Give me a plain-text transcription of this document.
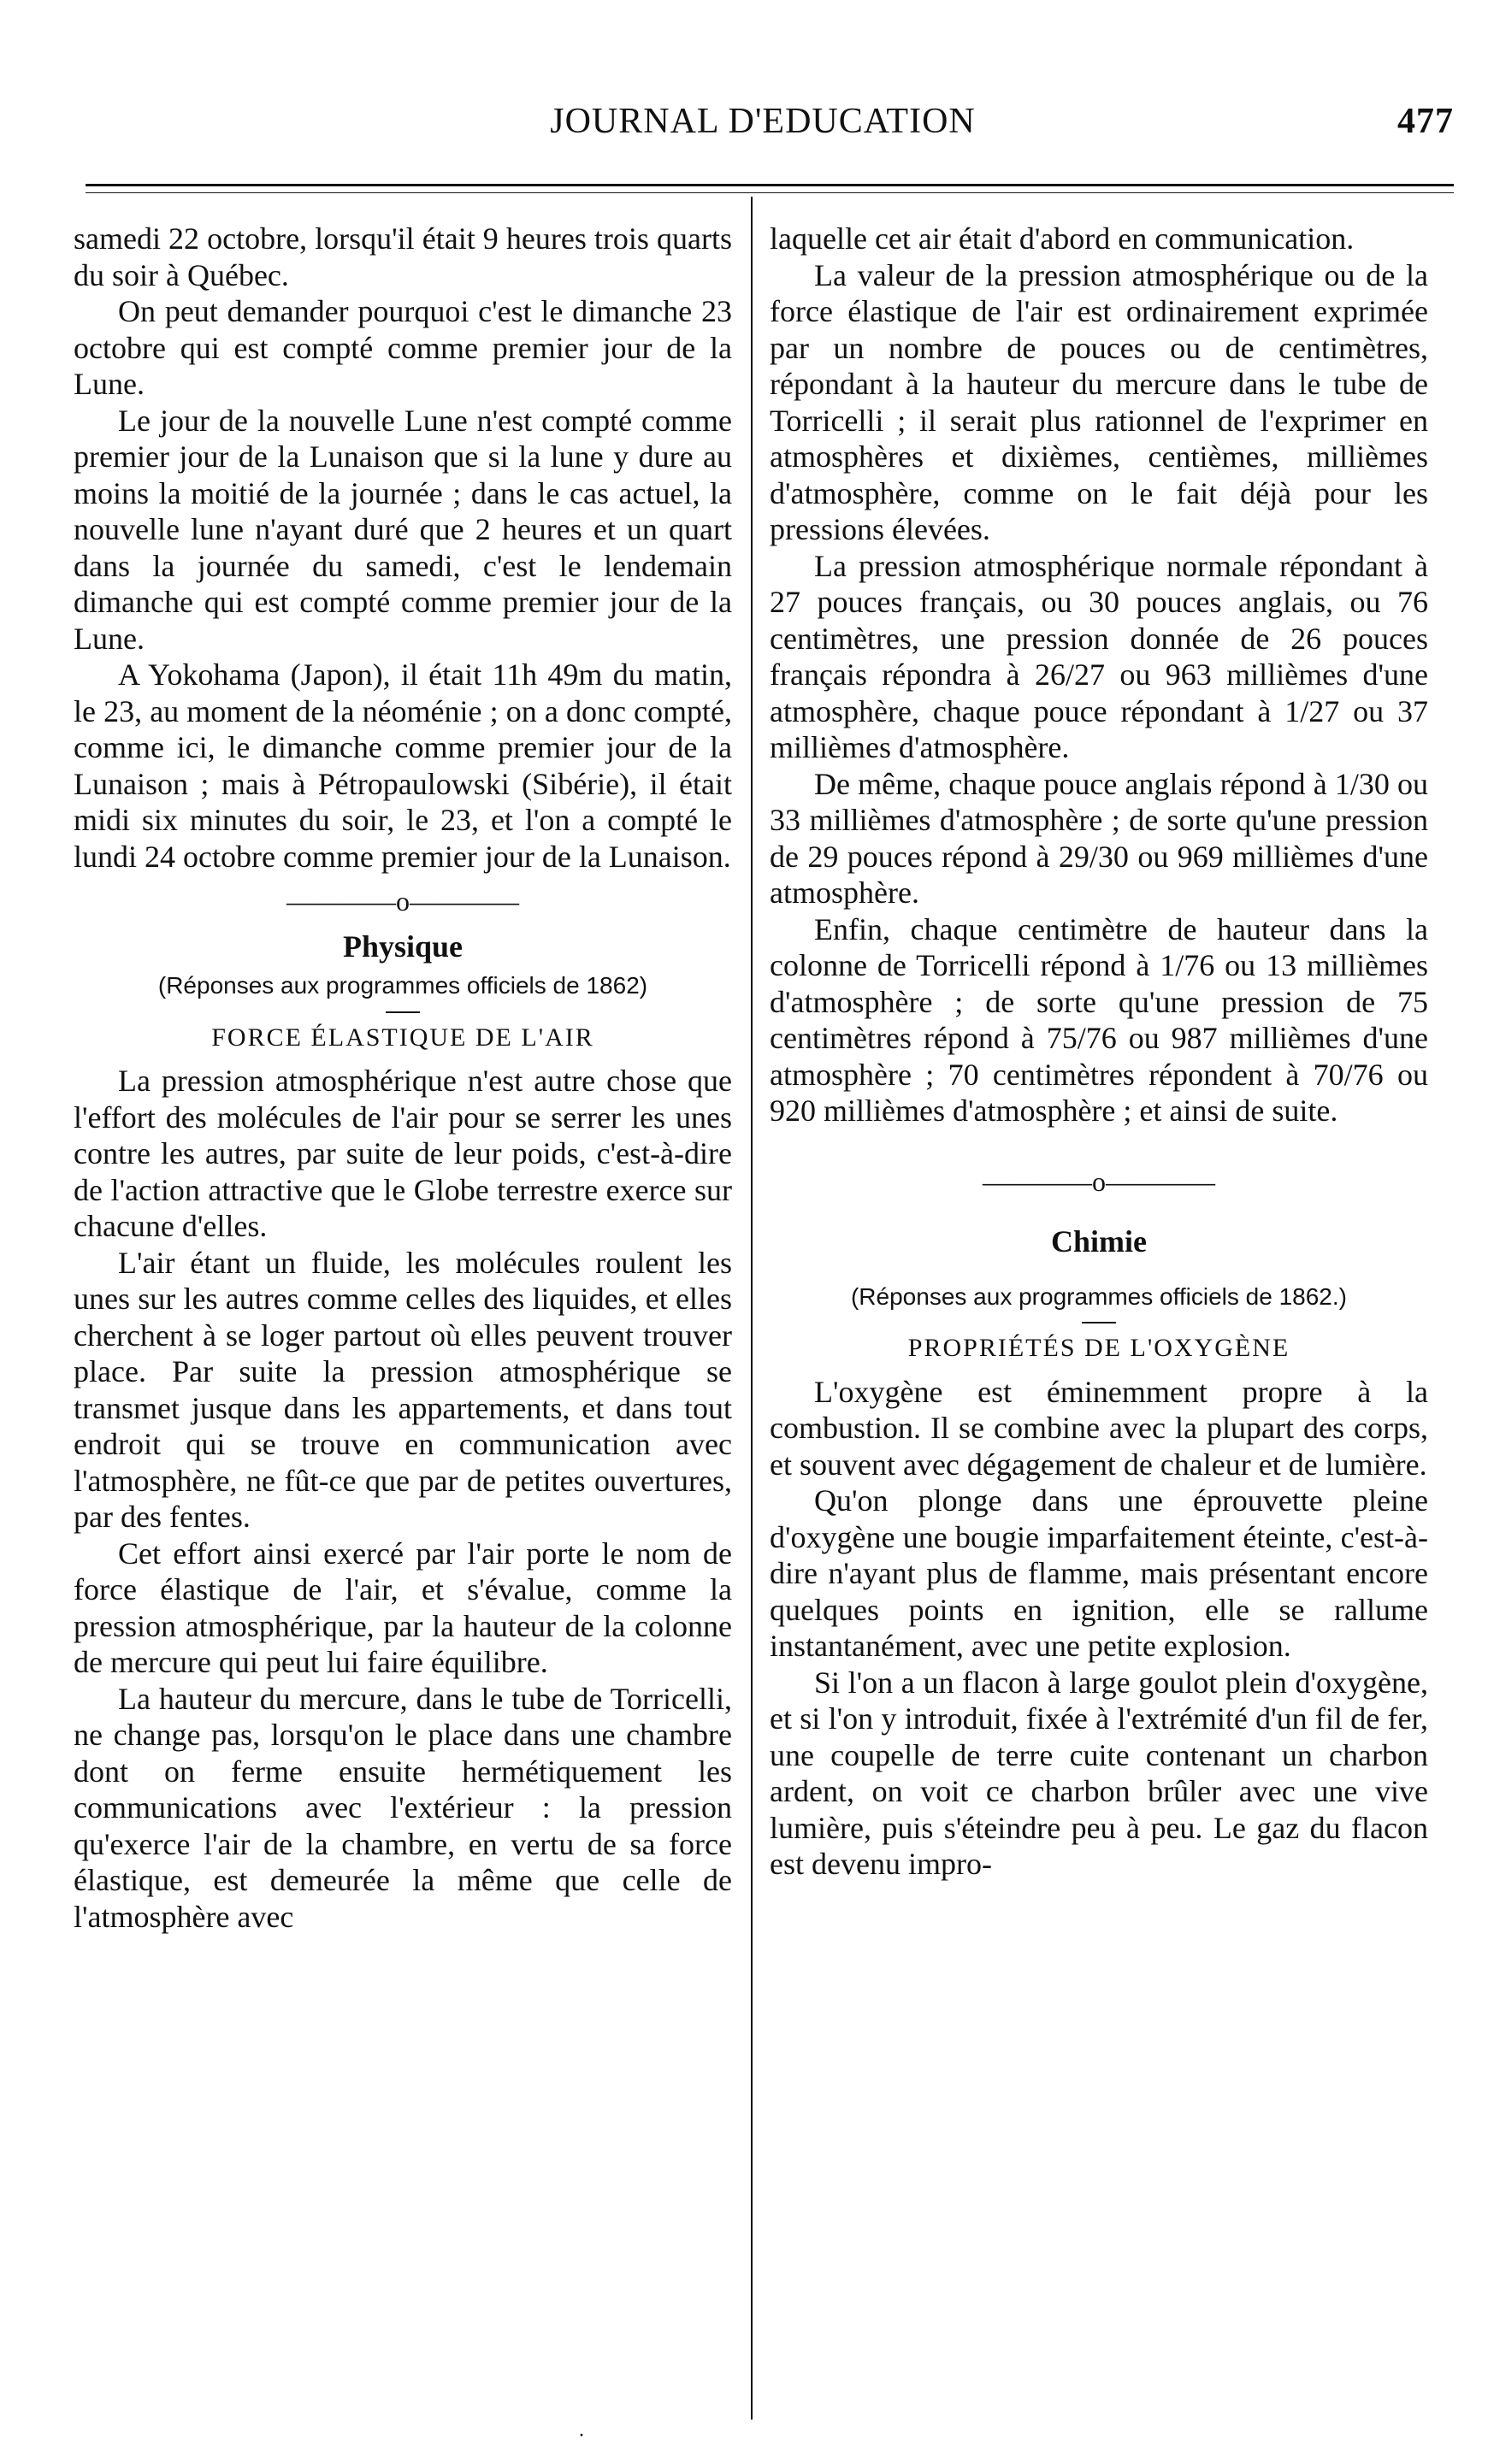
JOURNAL D'EDUCATION	477

samedi 22 octobre, lorsqu'il était 9 heures trois quarts du soir à Québec.

On peut demander pourquoi c'est le dimanche 23 octobre qui est compté comme premier jour de la Lune.

Le jour de la nouvelle Lune n'est compté comme premier jour de la Lunaison que si la lune y dure au moins la moitié de la journée ; dans le cas actuel, la nouvelle lune n'ayant duré que 2 heures et un quart dans la journée du samedi, c'est le lendemain dimanche qui est compté comme premier jour de la Lune.

A Yokohama (Japon), il était 11h 49m du matin, le 23, au moment de la néoménie ; on a donc compté, comme ici, le dimanche comme premier jour de la Lunaison ; mais à Pétropaulowski (Sibérie), il était midi six minutes du soir, le 23, et l'on a compté le lundi 24 octobre comme premier jour de la Lunaison.

————o————
Physique
(Réponses aux programmes officiels de 1862)
FORCE ÉLASTIQUE DE L'AIR

La pression atmosphérique n'est autre chose que l'effort des molécules de l'air pour se serrer les unes contre les autres, par suite de leur poids, c'est-à-dire de l'action attractive que le Globe terrestre exerce sur chacune d'elles.

L'air étant un fluide, les molécules roulent les unes sur les autres comme celles des liquides, et elles cherchent à se loger partout où elles peuvent trouver place. Par suite la pression atmosphérique se transmet jusque dans les appartements, et dans tout endroit qui se trouve en communication avec l'atmosphère, ne fût-ce que par de petites ouvertures, par des fentes.

Cet effort ainsi exercé par l'air porte le nom de force élastique de l'air, et s'évalue, comme la pression atmosphérique, par la hauteur de la colonne de mercure qui peut lui faire équilibre.

La hauteur du mercure, dans le tube de Torricelli, ne change pas, lorsqu'on le place dans une chambre dont on ferme ensuite hermétiquement les communications avec l'extérieur : la pression qu'exerce l'air de la chambre, en vertu de sa force élastique, est demeurée la même que celle de l'atmosphère avec

laquelle cet air était d'abord en communication.

La valeur de la pression atmosphérique ou de la force élastique de l'air est ordinairement exprimée par un nombre de pouces ou de centimètres, répondant à la hauteur du mercure dans le tube de Torricelli ; il serait plus rationnel de l'exprimer en atmosphères et dixièmes, centièmes, millièmes d'atmosphère, comme on le fait déjà pour les pressions élevées.

La pression atmosphérique normale répondant à 27 pouces français, ou 30 pouces anglais, ou 76 centimètres, une pression donnée de 26 pouces français répondra à 26/27 ou 963 millièmes d'une atmosphère, chaque pouce répondant à 1/27 ou 37 millièmes d'atmosphère.

De même, chaque pouce anglais répond à 1/30 ou 33 millièmes d'atmosphère ; de sorte qu'une pression de 29 pouces répond à 29/30 ou 969 millièmes d'une atmosphère.

Enfin, chaque centimètre de hauteur dans la colonne de Torricelli répond à 1/76 ou 13 millièmes d'atmosphère ; de sorte qu'une pression de 75 centimètres répond à 75/76 ou 987 millièmes d'une atmosphère ; 70 centimètres répondent à 70/76 ou 920 millièmes d'atmosphère ; et ainsi de suite.

————o————
Chimie
(Réponses aux programmes officiels de 1862.)
PROPRIÉTÉS DE L'OXYGÈNE

L'oxygène est éminemment propre à la combustion. Il se combine avec la plupart des corps, et souvent avec dégagement de chaleur et de lumière.

Qu'on plonge dans une éprouvette pleine d'oxygène une bougie imparfaitement éteinte, c'est-à-dire n'ayant plus de flamme, mais présentant encore quelques points en ignition, elle se rallume instantanément, avec une petite explosion.

Si l'on a un flacon à large goulot plein d'oxygène, et si l'on y introduit, fixée à l'extrémité d'un fil de fer, une coupelle de terre cuite contenant un charbon ardent, on voit ce charbon brûler avec une vive lumière, puis s'éteindre peu à peu. Le gaz du flacon est devenu impro-

·
